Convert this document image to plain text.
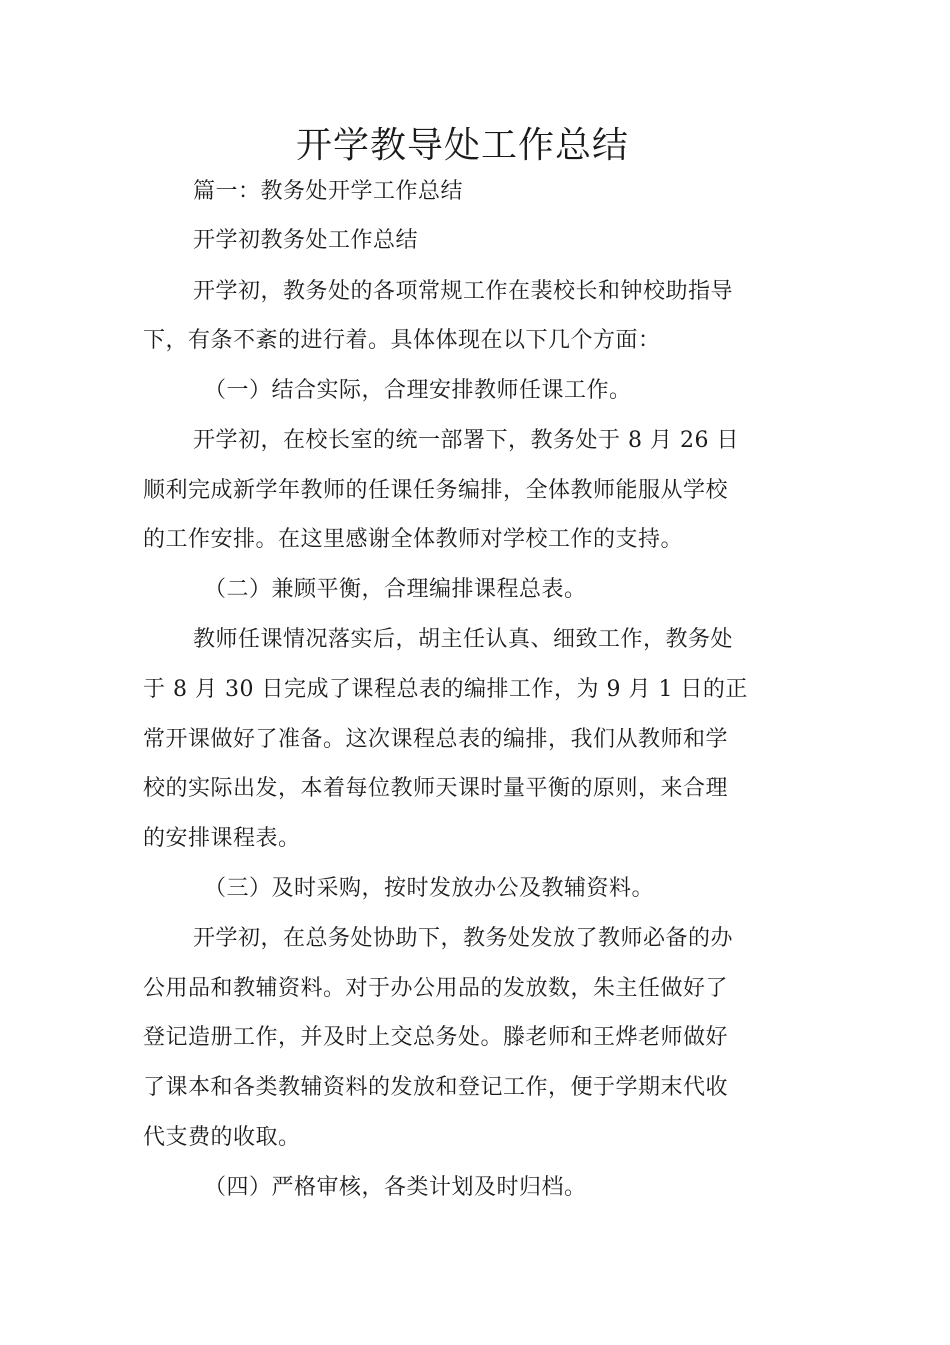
开学教导处工作总结
篇一：教务处开学工作总结
开学初教务处工作总结
开学初，教务处的各项常规工作在裴校长和钟校助指导
下，有条不紊的进行着。具体体现在以下几个方面：
（一）结合实际，合理安排教师任课工作。
开学初，在校长室的统一部署下，教务处于 8 月 26 日
顺利完成新学年教师的任课任务编排，全体教师能服从学校
的工作安排。在这里感谢全体教师对学校工作的支持。
（二）兼顾平衡，合理编排课程总表。
教师任课情况落实后，胡主任认真、细致工作，教务处
于 8 月 30 日完成了课程总表的编排工作，为 9 月 1 日的正
常开课做好了准备。这次课程总表的编排，我们从教师和学
校的实际出发，本着每位教师天课时量平衡的原则，来合理
的安排课程表。
（三）及时采购，按时发放办公及教辅资料。
开学初，在总务处协助下，教务处发放了教师必备的办
公用品和教辅资料。对于办公用品的发放数，朱主任做好了
登记造册工作，并及时上交总务处。滕老师和王烨老师做好
了课本和各类教辅资料的发放和登记工作，便于学期末代收
代支费的收取。
（四）严格审核，各类计划及时归档。
